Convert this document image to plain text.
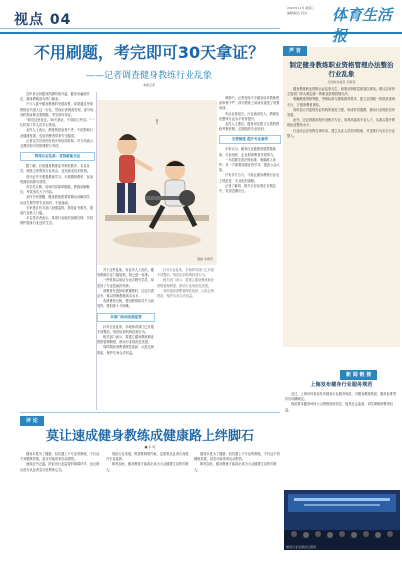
视点 04
2023年11月 星期三
编辑/版式 校对	体育生活报
不用刷题，考完即可30天拿证？
——记者调查健身教练行业乱象
本报记者

近年来全民健身热潮持续升温，健身房遍地开花，健身教练成为热门职业。

不少人看中健身教练的发展前景，希望通过考取资格证书进入这一行业，然而记者调查发现，部分培训机构宣称无需刷题、考完即可拿证。

“我们这里包过，30天拿证，不用担心考试。”一位机构工作人员对记者说。

业内人士表示，教练资质参差不齐，不但影响行业健康发展，也给消费者带来安全隐患。

记者以学员身份咨询多家培训机构，对方均表示交费后即可安排课程与考试。

教练认证乱象：花钱就能买证

据了解，目前健身教练证书种类繁多，名目各异，颁发主体既有行业协会，也有商业培训机构。

部分证书不需要系统学习，只需缴纳费用、参加短期培训即可获得。

有学员反映，培训内容简单粗糙，教练讲解敷衍，考试形式大于内容。

业内专家提醒，健身教练需要掌握运动解剖学、运动生理学等专业知识，不能速成。

专家建议有关部门加强监管，规范证书颁发，提高行业准入门槛。

多名受访者表示，希望行业组织加强自律，共同维护健身行业良好生态。

!
漫画 李建军

对于这些乱象，有业内人士指出，健身教练行业门槛较低，缺乏统一标准。

一些机构以拿证为卖点吸引学员，却忽视了专业技能的培养。

消费者在选择私教课程时，往往只看证书，难以判断教练真实水平。

有消费者反映，曾因教练指导不当而受伤，维权却十分困难。

多部门协同加强监管

针对行业乱象，多地体育部门已开展专项整治，规范培训机构经营行为。

相关部门表示，将建立健身教练职业资格管理制度，推动行业规范化发展。

同时鼓励消费者理性选择，认准正规资质，保护自身合法权益。

调查中，记者发现不少健身房对教练资质审核不严，部分教练上岗前仅接受了短暂培训。

有从业者坦言，行业流动性大，教练队伍整体专业水平有待提升。

业内人士建议，健身房应建立完善的教练考核机制，定期组织专业培训。

完善制度 提升专业素养

专家认为，健身行业健康发展需要政府、行业组织、企业和消费者共同努力。

一方面要完善法规标准，明确准入条件；另一方面要加强宣传引导，提高公众认知。

只有多方合力，才能让健身教练行业走上规范化、专业化的道路。

记者了解到，相关行业标准正在制定中，有望近期出台。

针对行业乱象，多地体育部门已开展专项整治，规范培训机构经营行为。

相关部门表示，将建立健身教练职业资格管理制度，推动行业规范化发展。

同时鼓励消费者理性选择，认准正规资质，保护自身合法权益。

声 音
制定健身教练职业资格管理办法整治行业乱象
全国政协委员 刘某某

健身教练职业资格认证乱象丛生，亟需从制度层面加以规范。建议由体育主管部门牵头制定统一的职业资格管理办法。

明确教练资格等级、考核标准与继续教育要求，建立全国统一的资质查询平台，方便消费者查验。

同时加大对违规发证机构的查处力度，形成有效震慑，推动行业规范有序发展。

此外，还应鼓励高校开设相关专业，培养高素质专业人才，从源头提升教练队伍整体水平。

行业协会应发挥自律作用，建立从业人员信用档案，对违规行为实行行业禁入。

新 闻 链 接
上海发布健身行业服务规范

近日，上海市体育局发布健身行业服务规范，对健身教练资质、服务标准等作出明确规定。

规范要求健身场所公示教练资质信息，接受社会监督，切实保障消费者权益。

健身行业发展论坛现场
评 论
莫让速成健身教练成健康路上绊脚石
■ 李 明

健身本是为了健康，但若遇上不专业的教练，不仅达不到锻炼效果，甚至可能带来运动损伤。

速成证书泛滥，折射出行业监管的薄弱环节，也反映出部分从业者急功近利的心态。

规范行业发展，既需要制度约束，也需要从业者自身提升专业素养。

唯有如此，健身教练才能真正成为大众健康生活的引路人。

健身本是为了健康，但若遇上不专业的教练，不仅达不到锻炼效果，甚至可能带来运动损伤。

唯有如此，健身教练才能真正成为大众健康生活的引路人。
